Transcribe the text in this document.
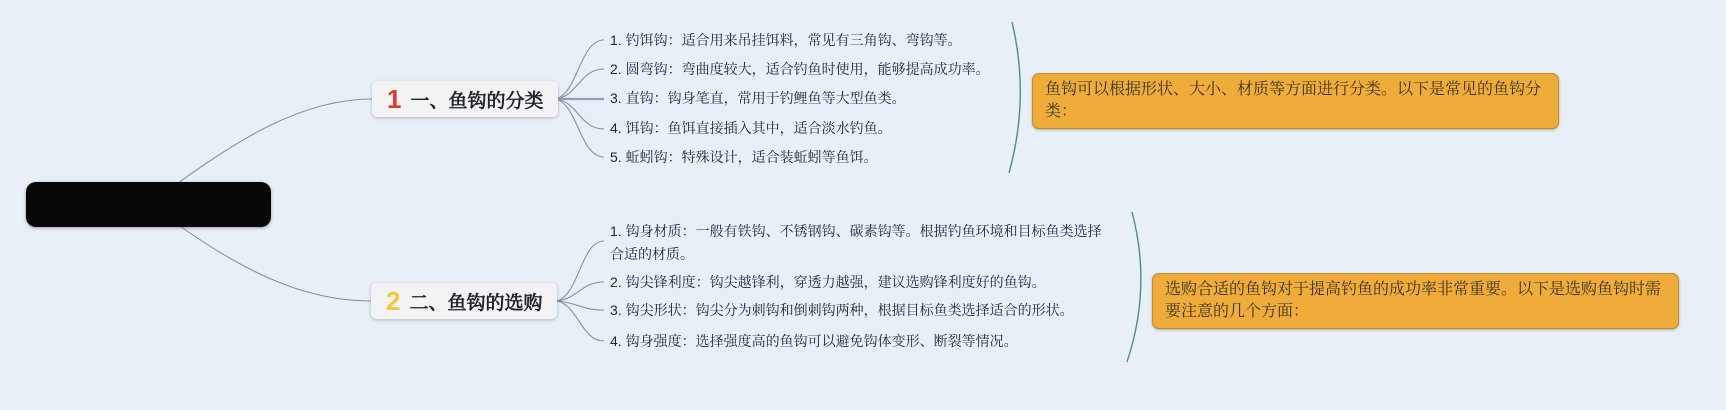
1 一、鱼钩的分类
1. 钓饵钩：适合用来吊挂饵料，常见有三角钩、弯钩等。
2. 圆弯钩：弯曲度较大，适合钓鱼时使用，能够提高成功率。
3. 直钩：钩身笔直，常用于钓鲤鱼等大型鱼类。
4. 饵钩：鱼饵直接插入其中，适合淡水钓鱼。
5. 蚯蚓钩：特殊设计，适合装蚯蚓等鱼饵。
鱼钩可以根据形状、大小、材质等方面进行分类。以下是常见的鱼钩分类：
2 二、鱼钩的选购
1. 钩身材质：一般有铁钩、不锈钢钩、碳素钩等。根据钓鱼环境和目标鱼类选择合适的材质。
2. 钩尖锋利度：钩尖越锋利，穿透力越强，建议选购锋利度好的鱼钩。
3. 钩尖形状：钩尖分为刺钩和倒刺钩两种，根据目标鱼类选择适合的形状。
4. 钩身强度：选择强度高的鱼钩可以避免钩体变形、断裂等情况。
选购合适的鱼钩对于提高钓鱼的成功率非常重要。以下是选购鱼钩时需要注意的几个方面：
